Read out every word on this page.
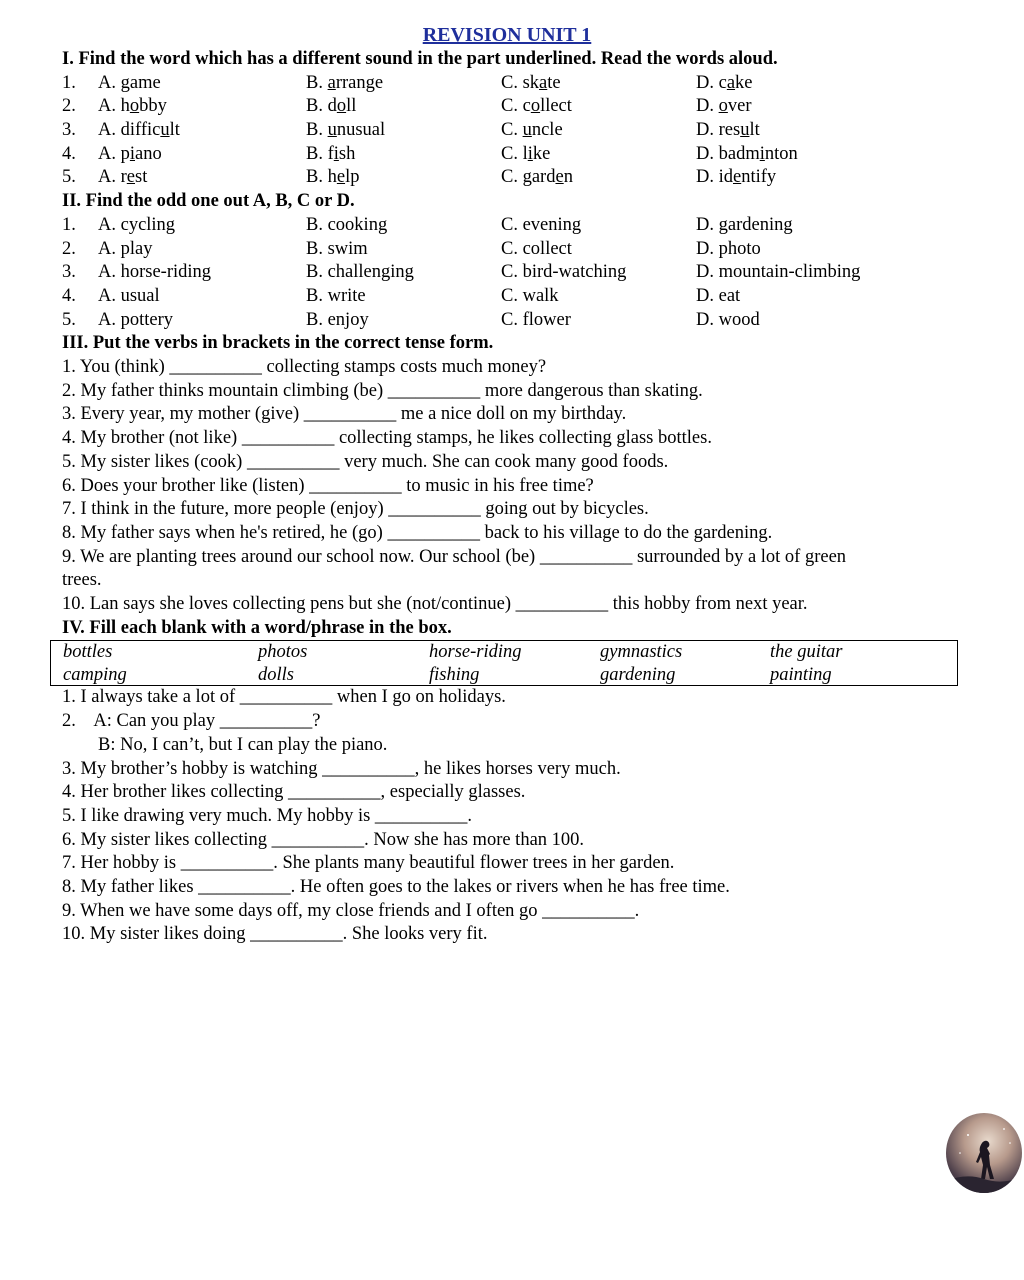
REVISION UNIT 1
I. Find the word which has a different sound in the part underlined. Read the words aloud.
1.	A. game	B. arrange	C. skate	D. cake
2.	A. hobby	B. doll	C. collect	D. over
3.	A. difficult	B. unusual	C. uncle	D. result
4.	A. piano	B. fish	C. like	D. badminton
5.	A. rest	B. help	C. garden	D. identify
II. Find the odd one out A, B, C or D.
1.	A. cycling	B. cooking	C. evening	D. gardening
2.	A. play	B. swim	C. collect	D. photo
3.	A. horse-riding	B. challenging	C. bird-watching	D. mountain-climbing
4.	A. usual	B. write	C. walk	D. eat
5.	A. pottery	B. enjoy	C. flower	D. wood
III. Put the verbs in brackets in the correct tense form.
1. You (think) __________ collecting stamps costs much money?
2. My father thinks mountain climbing (be) __________ more dangerous than skating.
3. Every year, my mother (give) __________ me a nice doll on my birthday.
4. My brother (not like) __________ collecting stamps, he likes collecting glass bottles.
5. My sister likes (cook) __________ very much. She can cook many good foods.
6. Does your brother like (listen) __________ to music in his free time?
7. I think in the future, more people (enjoy) __________ going out by bicycles.
8. My father says when he's retired, he (go) __________ back to his village to do the gardening.
9. We are planting trees around our school now. Our school (be) __________ surrounded by a lot of green
trees.
10. Lan says she loves collecting pens but she (not/continue) __________ this hobby from next year.
IV. Fill each blank with a word/phrase in the box.
bottles	photos	horse-riding	gymnastics	the guitar
camping	dolls	fishing	gardening	painting
1. I always take a lot of __________ when I go on holidays.
2.    A: Can you play __________?
B: No, I can’t, but I can play the piano.
3. My brother’s hobby is watching __________, he likes horses very much.
4. Her brother likes collecting __________, especially glasses.
5. I like drawing very much. My hobby is __________.
6. My sister likes collecting __________. Now she has more than 100.
7. Her hobby is __________. She plants many beautiful flower trees in her garden.
8. My father likes __________. He often goes to the lakes or rivers when he has free time.
9. When we have some days off, my close friends and I often go __________.
10. My sister likes doing __________. She looks very fit.
